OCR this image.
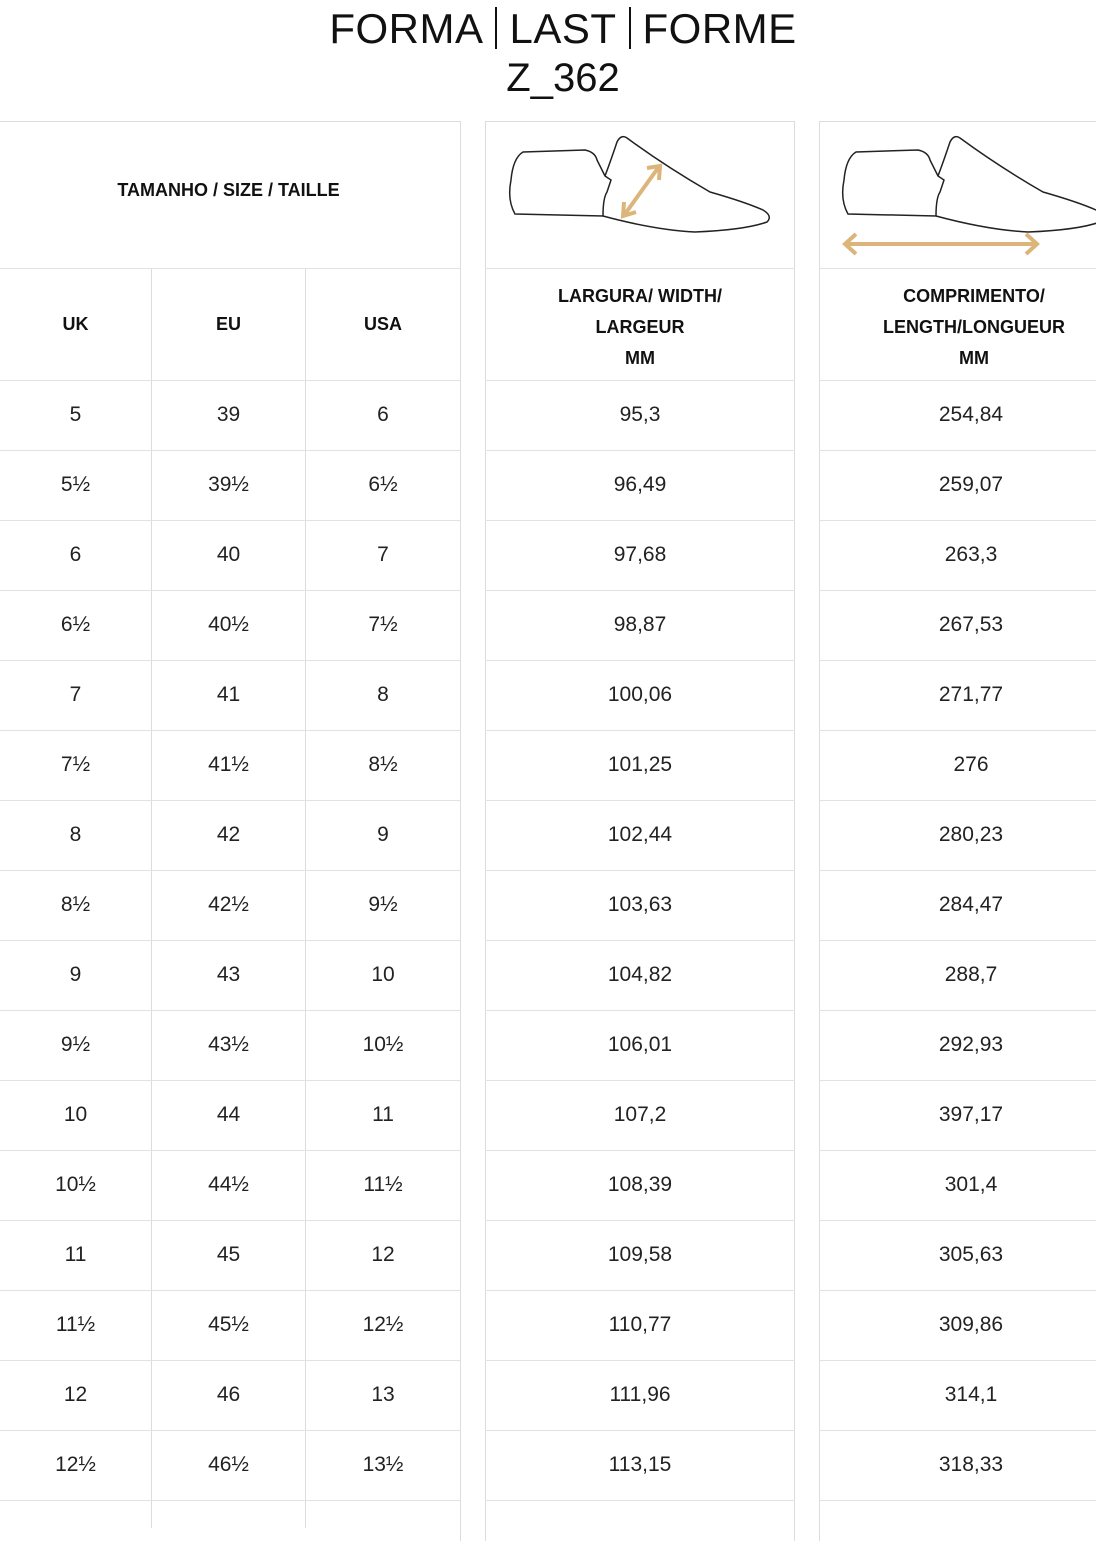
FORMA LAST FORME
Z_362
TAMANHO / SIZE / TAILLE
UK	EU	USA
LARGURA/ WIDTH/
LARGEUR
MM
COMPRIMENTO/
LENGTH/LONGUEUR
MM
5	39	6	95,3	254,84
5½	39½	6½	96,49	259,07
6	40	7	97,68	263,3
6½	40½	7½	98,87	267,53
7	41	8	100,06	271,77
7½	41½	8½	101,25	276
8	42	9	102,44	280,23
8½	42½	9½	103,63	284,47
9	43	10	104,82	288,7
9½	43½	10½	106,01	292,93
10	44	11	107,2	397,17
10½	44½	11½	108,39	301,4
11	45	12	109,58	305,63
11½	45½	12½	110,77	309,86
12	46	13	111,96	314,1
12½	46½	13½	113,15	318,33
